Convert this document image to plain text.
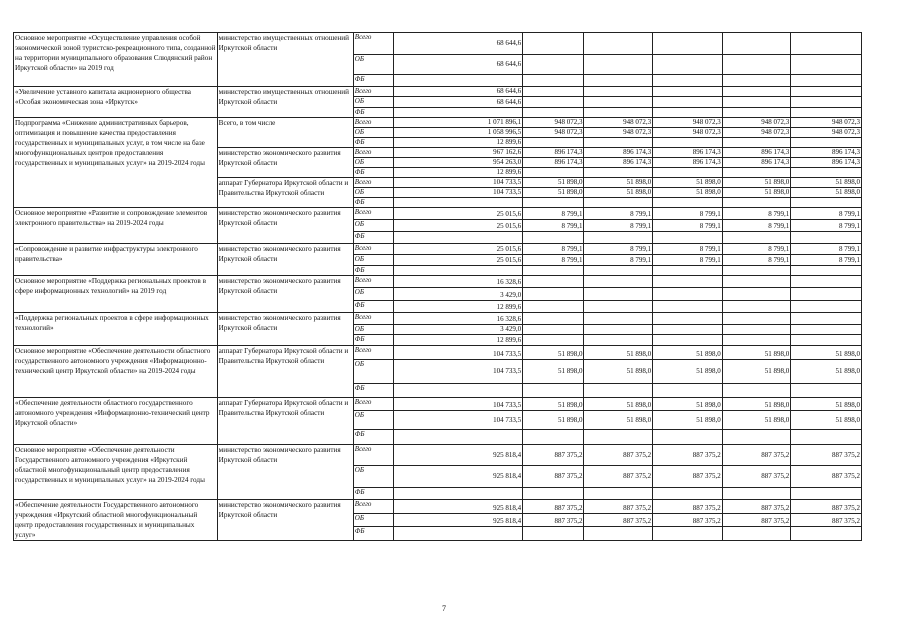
Основное мероприятие «Осуществление управления особой экономической зоной туристско-рекреационного типа, созданной на территории муниципального образования Слюдянский район Иркутской области» на 2019 год	министерство имущественных отношений Иркутской области	Всего	68 644,6					
		ОБ	68 644,6					
		ФБ						
«Увеличение уставного капитала акционерного общества «Особая экономическая зона «Иркутск»	министерство имущественных отношений Иркутской области	Всего	68 644,6					
		ОБ	68 644,6					
		ФБ						
Подпрограмма «Снижение административных барьеров, оптимизация и повышение качества предоставления государственных и муниципальных услуг, в том числе на базе многофункциональных центров предоставления государственных и муниципальных услуг» на 2019-2024 годы	Всего, в том числе	Всего	1 071 896,1	948 072,3	948 072,3	948 072,3	948 072,3	948 072,3
		ОБ	1 058 996,5	948 072,3	948 072,3	948 072,3	948 072,3	948 072,3
		ФБ	12 899,6					
	министерство экономического развития Иркутской области	Всего	967 162,6	896 174,3	896 174,3	896 174,3	896 174,3	896 174,3
		ОБ	954 263,0	896 174,3	896 174,3	896 174,3	896 174,3	896 174,3
		ФБ	12 899,6					
	аппарат Губернатора Иркутской области и Правительства Иркутской области	Всего	104 733,5	51 898,0	51 898,0	51 898,0	51 898,0	51 898,0
		ОБ	104 733,5	51 898,0	51 898,0	51 898,0	51 898,0	51 898,0
		ФБ						
Основное мероприятие «Развитие и сопровождение элементов электронного правительства» на 2019-2024 годы	министерство экономического развития Иркутской области	Всего	25 015,6	8 799,1	8 799,1	8 799,1	8 799,1	8 799,1
		ОБ	25 015,6	8 799,1	8 799,1	8 799,1	8 799,1	8 799,1
		ФБ						
«Сопровождение и развитие инфраструктуры электронного правительства»	министерство экономического развития Иркутской области	Всего	25 015,6	8 799,1	8 799,1	8 799,1	8 799,1	8 799,1
		ОБ	25 015,6	8 799,1	8 799,1	8 799,1	8 799,1	8 799,1
		ФБ						
Основное мероприятие «Поддержка региональных проектов в сфере информационных технологий» на 2019 год	министерство экономического развития Иркутской области	Всего	16 328,6					
		ОБ	3 429,0					
		ФБ	12 899,6					
«Поддержка региональных проектов в сфере информационных технологий»	министерство экономического развития Иркутской области	Всего	16 328,6					
		ОБ	3 429,0					
		ФБ	12 899,6					
Основное мероприятие «Обеспечение деятельности областного государственного автономного учреждения «Информационно-технический центр Иркутской области» на 2019-2024 годы	аппарат Губернатора Иркутской области и Правительства Иркутской области	Всего	104 733,5	51 898,0	51 898,0	51 898,0	51 898,0	51 898,0
		ОБ	104 733,5	51 898,0	51 898,0	51 898,0	51 898,0	51 898,0
		ФБ						
«Обеспечение деятельности областного государственного автономного учреждения «Информационно-технический центр Иркутской области»	аппарат Губернатора Иркутской области и Правительства Иркутской области	Всего	104 733,5	51 898,0	51 898,0	51 898,0	51 898,0	51 898,0
		ОБ	104 733,5	51 898,0	51 898,0	51 898,0	51 898,0	51 898,0
		ФБ						
Основное мероприятие «Обеспечение деятельности Государственного автономного учреждения «Иркутский областной многофункциональный центр предоставления государственных и муниципальных услуг» на 2019-2024 годы	министерство экономического развития Иркутской области	Всего	925 818,4	887 375,2	887 375,2	887 375,2	887 375,2	887 375,2
		ОБ	925 818,4	887 375,2	887 375,2	887 375,2	887 375,2	887 375,2
		ФБ						
«Обеспечение деятельности Государственного автономного учреждения «Иркутский областной многофункциональный центр предоставления государственных и муниципальных услуг»	министерство экономического развития Иркутской области	Всего	925 818,4	887 375,2	887 375,2	887 375,2	887 375,2	887 375,2
		ОБ	925 818,4	887 375,2	887 375,2	887 375,2	887 375,2	887 375,2
		ФБ						
7
